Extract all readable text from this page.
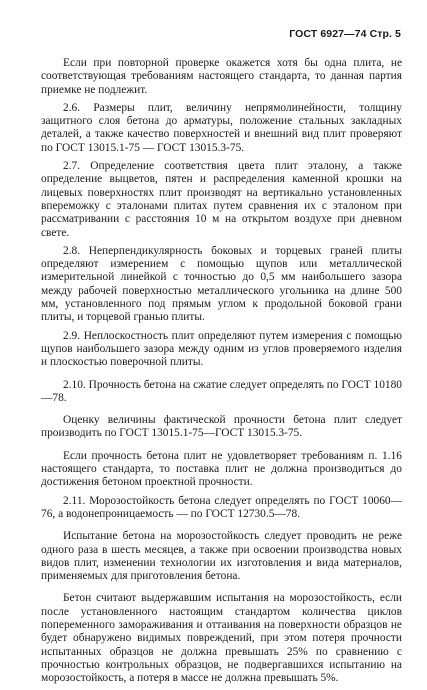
ГОСТ 6927—74 Стр. 5

Если при повторной проверке окажется хотя бы одна плита, не соответствующая требованиям настоящего стандарта, то данная партия приемке не подлежит.

2.6. Размеры плит, величину непрямолинейности, толщину защитного слоя бетона до арматуры, положение стальных закладных деталей, а также качество поверхностей и внешний вид плит проверяют по ГОСТ 13015.1-75 — ГОСТ 13015.3-75.

2.7. Определение соответствия цвета плит эталону, а также определение выцветов, пятен и распределения каменной крошки на лицевых поверхностях плит производят на вертикально установленных впереможку с эталонами плитах путем сравнения их с эталоном при рассматривании с расстояния 10 м на открытом воздухе при дневном свете.

2.8. Неперпендикулярность боковых и торцевых граней плиты определяют измерением с помощью щупов или металлической измерительной линейкой с точностью до 0,5 мм наибольшего зазора между рабочей поверхностью металлического угольника на длине 500 мм, установленного под прямым углом к продольной боковой грани плиты, и торцевой гранью плиты.

2.9. Неплоскостность плит определяют путем измерения с помощью щупов наибольшего зазора между одним из углов проверяемого изделия и плоскостью поверочной плиты.

2.10. Прочность бетона на сжатие следует определять по ГОСТ 10180—78.

Оценку величины фактической прочности бетона плит следует производить по ГОСТ 13015.1-75—ГОСТ 13015.3-75.

Если прочность бетона плит не удовлетворяет требованиям п. 1.16 настоящего стандарта, то поставка плит не должна производиться до достижения бетоном проектной прочности.

2.11. Морозостойкость бетона следует определять по ГОСТ 10060—76, а водонепроницаемость — по ГОСТ 12730.5—78.

Испытание бетона на морозостойкость следует проводить не реже одного раза в шесть месяцев, а также при освоении производства новых видов плит, изменении технологии их изготовления и вида материалов, применяемых для приготовления бетона.

Бетон считают выдержавшим испытания на морозостойкость, если после установленного настоящим стандартом количества циклов попеременного замораживания и оттаивания на поверхности образцов не будет обнаружено видимых повреждений, при этом потеря прочности испытанных образцов не должна превышать 25% по сравнению с прочностью контрольных образцов, не подвергавшихся испытанию на морозостойкость, а потеря в массе не должна превышать 5%.
